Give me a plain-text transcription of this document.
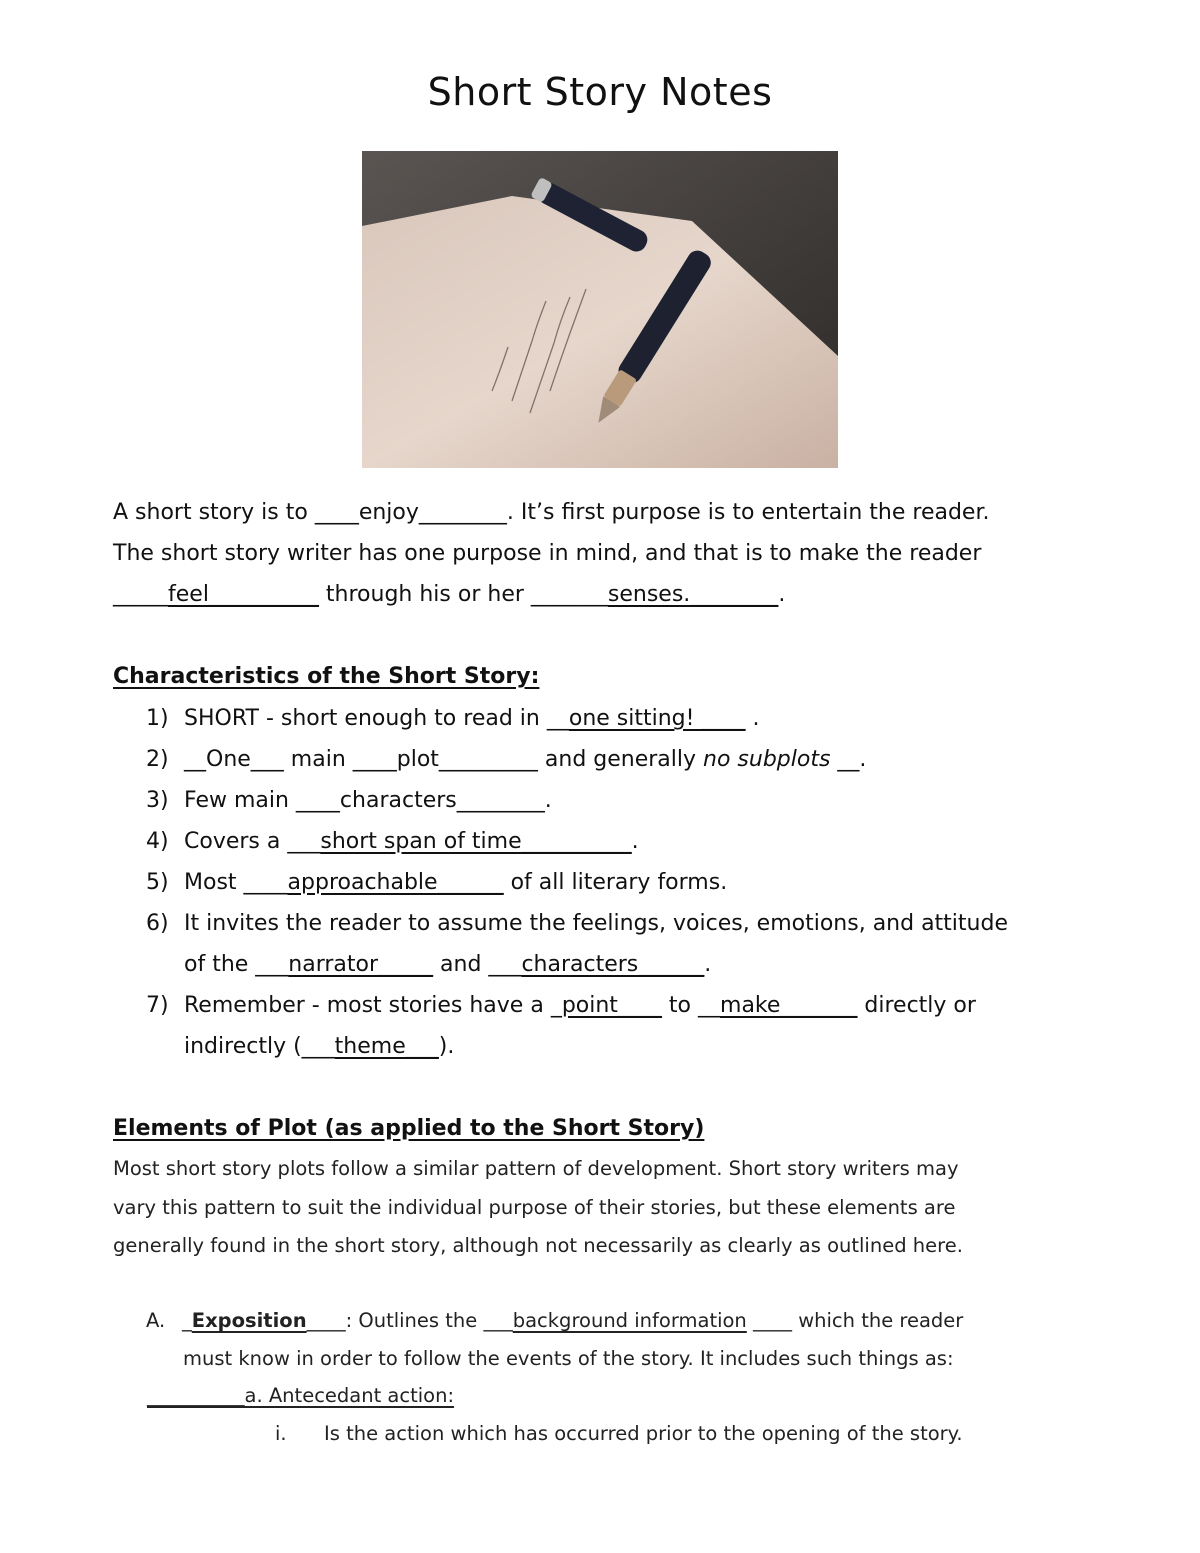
Short Story Notes
A short story is to ____enjoy________. It’s first purpose is to entertain the reader.
The short story writer has one purpose in mind, and that is to make the reader
_____feel__________ through his or her _______senses.________.
Characteristics of the Short Story:
1) SHORT - short enough to read in __one sitting! ____ .
2) __One___ main ____plot_________ and generally no subplots __.
3) Few main ____characters________.
4) Covers a ___short span of time__________.
5) Most ____approachable______ of all literary forms.
6) It invites the reader to assume the feelings, voices, emotions, and attitude
of the ___narrator_____ and ___characters______.
7) Remember - most stories have a _point____ to __make_______ directly or
indirectly (___theme___).
Elements of Plot (as applied to the Short Story)
Most short story plots follow a similar pattern of development. Short story writers may
vary this pattern to suit the individual purpose of their stories, but these elements are
generally found in the short story, although not necessarily as clearly as outlined here.
A. _Exposition____: Outlines the ___background information ____ which the reader
must know in order to follow the events of the story. It includes such things as:
__________a. Antecedant action:
i. Is the action which has occurred prior to the opening of the story.
